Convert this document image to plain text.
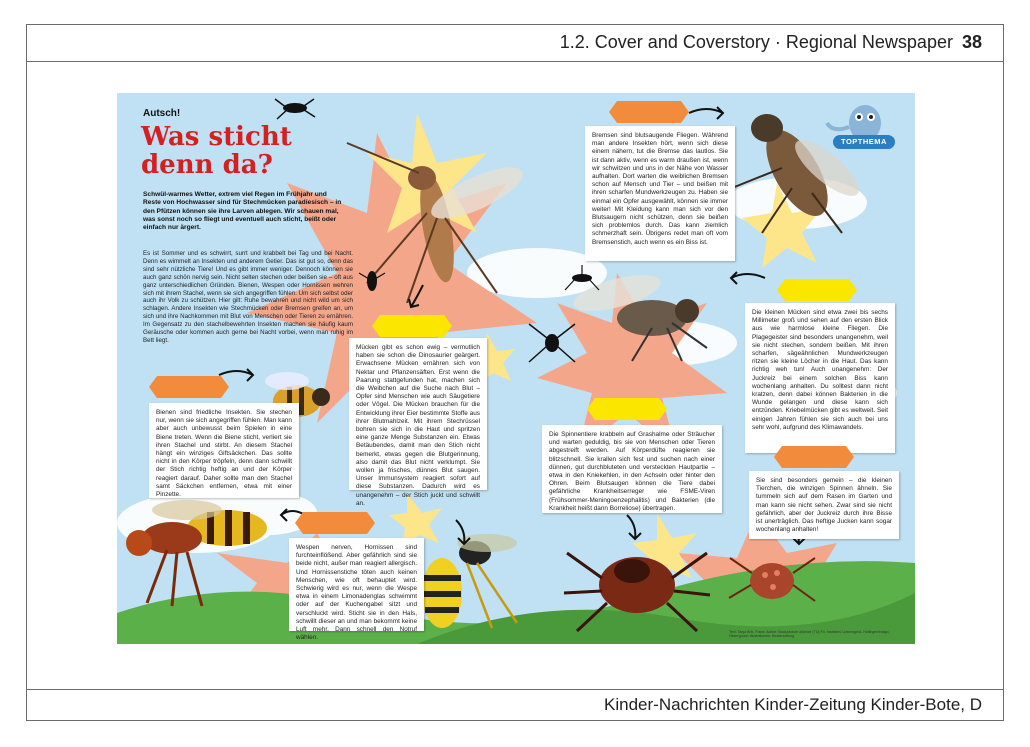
1.2. Cover and Coverstory · Regional Newspaper 38
TOPTHEMA
Autsch!
Was sticht denn da?
Schwül-warmes Wetter, extrem viel Regen im Frühjahr und Reste von Hochwasser sind für Stechmücken paradiesisch – in den Pfützen können sie ihre Larven ablegen. Wir schauen mal, was sonst noch so fliegt und eventuell auch sticht, beißt oder einfach nur ärgert.
Es ist Sommer und es schwirrt, surrt und krabbelt bei Tag und bei Nacht. Denn es wimmelt an Insekten und anderem Getier. Das ist gut so, denn das sind sehr nützliche Tiere! Und es gibt immer weniger. Dennoch können sie auch ganz schön nervig sein. Nicht selten stechen oder beißen sie – oft aus ganz unterschiedlichen Gründen. Bienen, Wespen oder Hornissen wehren sich mit ihrem Stachel, wenn sie sich angegriffen fühlen. Um sich selbst oder auch ihr Volk zu schützen. Hier gilt: Ruhe bewahren und nicht wild um sich schlagen. Andere Insekten wie Stechmücken oder Bremsen greifen an, um sich und ihre Nachkommen mit Blut von Menschen oder Tieren zu ernähren. Im Gegensatz zu den stachelbewehrten Insekten machen sie häufig kaum Geräusche oder kommen auch gerne bei Nacht vorbei, wenn man ruhig im Bett liegt.
Mücken gibt es schon ewig – vermutlich haben sie schon die Dinosaurier geärgert. Erwachsene Mücken ernähren sich von Nektar und Pflanzensäften. Erst wenn die Paarung stattgefunden hat, machen sich die Weibchen auf die Suche nach Blut – Opfer sind Menschen wie auch Säugetiere oder Vögel. Die Mücken brauchen für die Entwicklung ihrer Eier bestimmte Stoffe aus ihrer Blutmahlzeit. Mit ihrem Stechrüssel bohren sie sich in die Haut und spritzen eine ganze Menge Substanzen ein. Etwas Betäubendes, damit man den Stich nicht bemerkt, etwas gegen die Blutgerinnung, also damit das Blut nicht verklumpt. Sie wollen ja frisches, dünnes Blut saugen. Unser Immunsystem reagiert sofort auf diese Substanzen. Dadurch wird es unangenehm – der Stich juckt und schwillt an.
Bremsen sind blutsaugende Fliegen. Während man andere Insekten hört, wenn sich diese einem nähern, tut die Bremse das lautlos. Sie ist dann aktiv, wenn es warm draußen ist, wenn wir schwitzen und uns in der Nähe von Wasser aufhalten. Dort warten die weiblichen Bremsen schon auf Mensch und Tier – und beißen mit ihren scharfen Mundwerkzeugen zu. Haben sie einmal ein Opfer ausgewählt, können sie immer weiter! Mit Kleidung kann man sich vor den Blutsaugern nicht schützen, denn sie beißen sich problemlos durch. Das kann ziemlich schmerzhaft sein. Übrigens redet man oft vom Bremsenstich, auch wenn es ein Biss ist.
Die kleinen Mücken sind etwa zwei bis sechs Millimeter groß und sehen auf den ersten Blick aus wie harmlose kleine Fliegen. Die Plagegeister sind besonders unangenehm, weil sie nicht stechen, sondern beißen. Mit ihren scharfen, sägeähnlichen Mundwerkzeugen ritzen sie kleine Löcher in die Haut. Das kann richtig weh tun! Auch unangenehm: Der Juckreiz bei einem solchen Biss kann wochenlang anhalten. Du solltest dann nicht kratzen, denn dabei können Bakterien in die Wunde gelangen und diese kann sich entzünden. Kriebelmücken gibt es weltweit. Seit einigen Jahren fühlen sie sich auch bei uns sehr wohl, aufgrund des Klimawandels.
Bienen sind friedliche Insekten. Sie stechen nur, wenn sie sich angegriffen fühlen. Man kann aber auch unbewusst beim Spielen in eine Biene treten. Wenn die Biene sticht, verliert sie ihren Stachel und stirbt. An diesem Stachel hängt ein winziges Giftsäckchen. Das sollte nicht in den Körper tröpfeln, denn dann schwillt der Stich richtig heftig an und der Körper reagiert darauf. Daher sollte man den Stachel samt Säckchen entfernen, etwa mit einer Pinzette.
Wespen nerven, Hornissen sind furchteinflößend. Aber gefährlich sind sie beide nicht, außer man reagiert allergisch. Und Hornissenstiche töten auch keinen Menschen, wie oft behauptet wird. Schwierig wird es nur, wenn die Wespe etwa in einem Limonadenglas schwimmt oder auf der Kuchengabel sitzt und verschluckt wird. Sticht sie in den Hals, schwillt dieser an und man bekommt keine Luft mehr. Dann schnell den Notruf wählen.
Die Spinnentiere krabbeln auf Grashalme oder Sträucher und warten geduldig, bis sie von Menschen oder Tieren abgestreift werden. Auf Körperdüfte reagieren sie blitzschnell. Sie krallen sich fest und suchen nach einer dünnen, gut durchbluteten und versteckten Hautpartie – etwa in den Kniekehlen, in den Achseln oder hinter den Ohren. Beim Blutsaugen können die Tiere dabei gefährliche Krankheitserreger wie FSME-Viren (Frühsommer-Meningoenzephalitis) und Bakterien (die Krankheit heißt dann Borreliose) übertragen.
Sie sind besonders gemein – die kleinen Tierchen, die winzigen Spinnen ähneln. Sie tummeln sich auf dem Rasen im Garten und man kann sie nicht sehen. Zwar sind sie nicht gefährlich, aber der Juckreiz durch ihre Bisse ist unerträglich. Das heftige Jucken kann sogar wochenlang anhalten!
Text: Tanja Brix, Fotos: Adobe Stock/picture alliance (TU) Fo. Insekten/ Unterlage/A. Hollinger/Imago, Hintergrund: Illustrationen: Kinderzeitung
Kinder-Nachrichten Kinder-Zeitung Kinder-Bote, D
